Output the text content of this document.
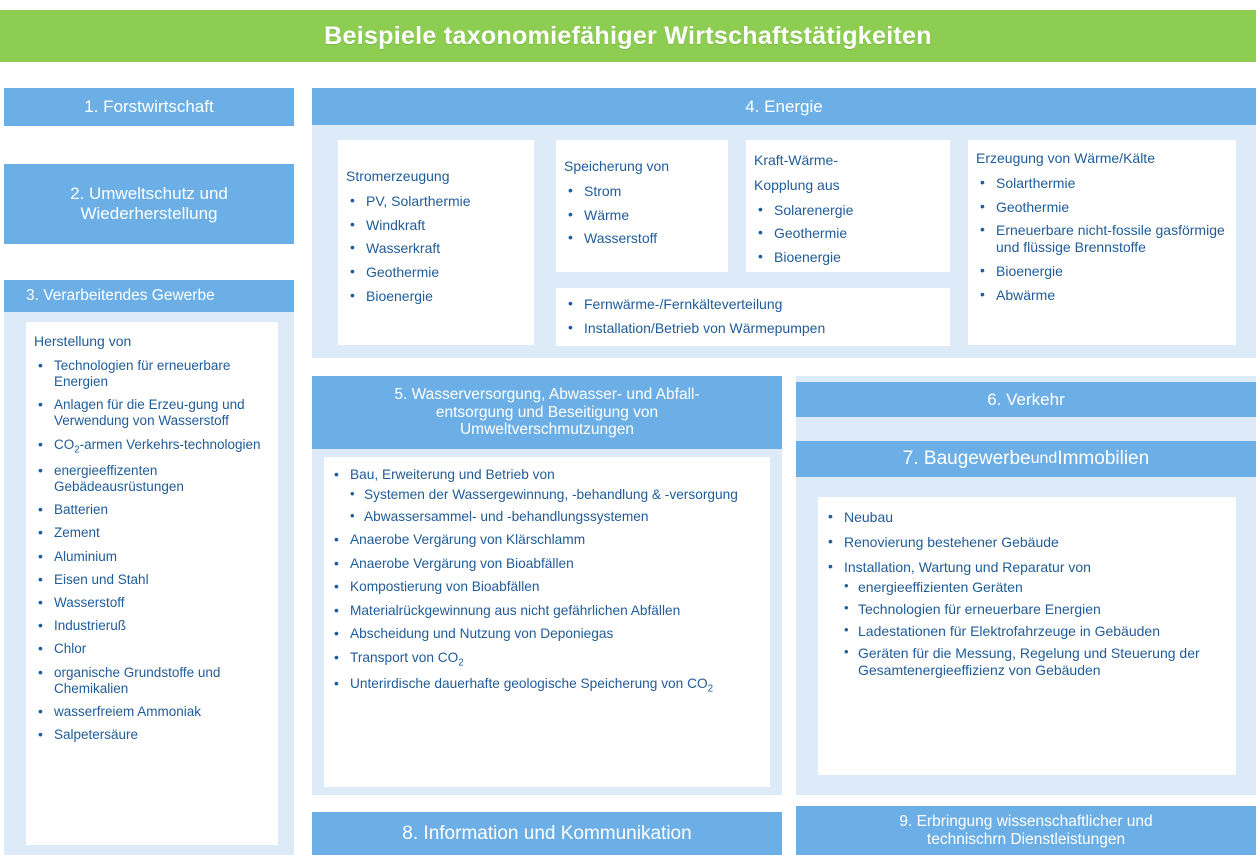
Beispiele taxonomiefähiger Wirtschaftstätigkeiten
1. Forstwirtschaft
2. Umweltschutz und
Wiederherstellung
3. Verarbeitendes Gewerbe
Herstellung von
• Technologien für erneuerbare Energien
• Anlagen für die Erzeu-gung und Verwendung von Wasserstoff
• $CO_2$-armen Verkehrs-technologien
• energieeffizenten Gebädeausrüstungen
• Batterien
• Zement
• Aluminium
• Eisen und Stahl
• Wasserstoff
• Industrieruß
• Chlor
• organische Grundstoffe und Chemikalien
• wasserfreiem Ammoniak
• Salpetersäure
4. Energie
Stromerzeugung
• PV, Solarthermie
• Windkraft
• Wasserkraft
• Geothermie
• Bioenergie
Speicherung von
• Strom
• Wärme
• Wasserstoff
Kraft-Wärme-
Kopplung aus
• Solarenergie
• Geothermie
• Bioenergie
• Fernwärme-/Fernkälteverteilung
• Installation/Betrieb von Wärmepumpen
Erzeugung von Wärme/Kälte
• Solarthermie
• Geothermie
• Erneuerbare nicht-fossile gasförmige und flüssige Brennstoffe
• Bioenergie
• Abwärme
5. Wasserversorgung, Abwasser- und Abfall-
entsorgung und Beseitigung von
Umweltverschmutzungen
• Bau, Erweiterung und Betrieb von
• Systemen der Wassergewinnung, -behandlung & -versorgung
• Abwassersammel- und -behandlungssystemen
• Anaerobe Vergärung von Klärschlamm
• Anaerobe Vergärung von Bioabfällen
• Kompostierung von Bioabfällen
• Materialrückgewinnung aus nicht gefährlichen Abfällen
• Abscheidung und Nutzung von Deponiegas
• Transport von $CO_2$
• Unterirdische dauerhafte geologische Speicherung von $CO_2$
8. Information und Kommunikation
6. Verkehr
7. Baugewerbe und Immobilien
• Neubau
• Renovierung bestehener Gebäude
• Installation, Wartung und Reparatur von
• energieeffizienten Geräten
• Technologien für erneuerbare Energien
• Ladestationen für Elektrofahrzeuge in Gebäuden
• Geräten für die Messung, Regelung und Steuerung der Gesamtenergieeffizienz von Gebäuden
9. Erbringung wissenschaftlicher und
technischrn Dienstleistungen
